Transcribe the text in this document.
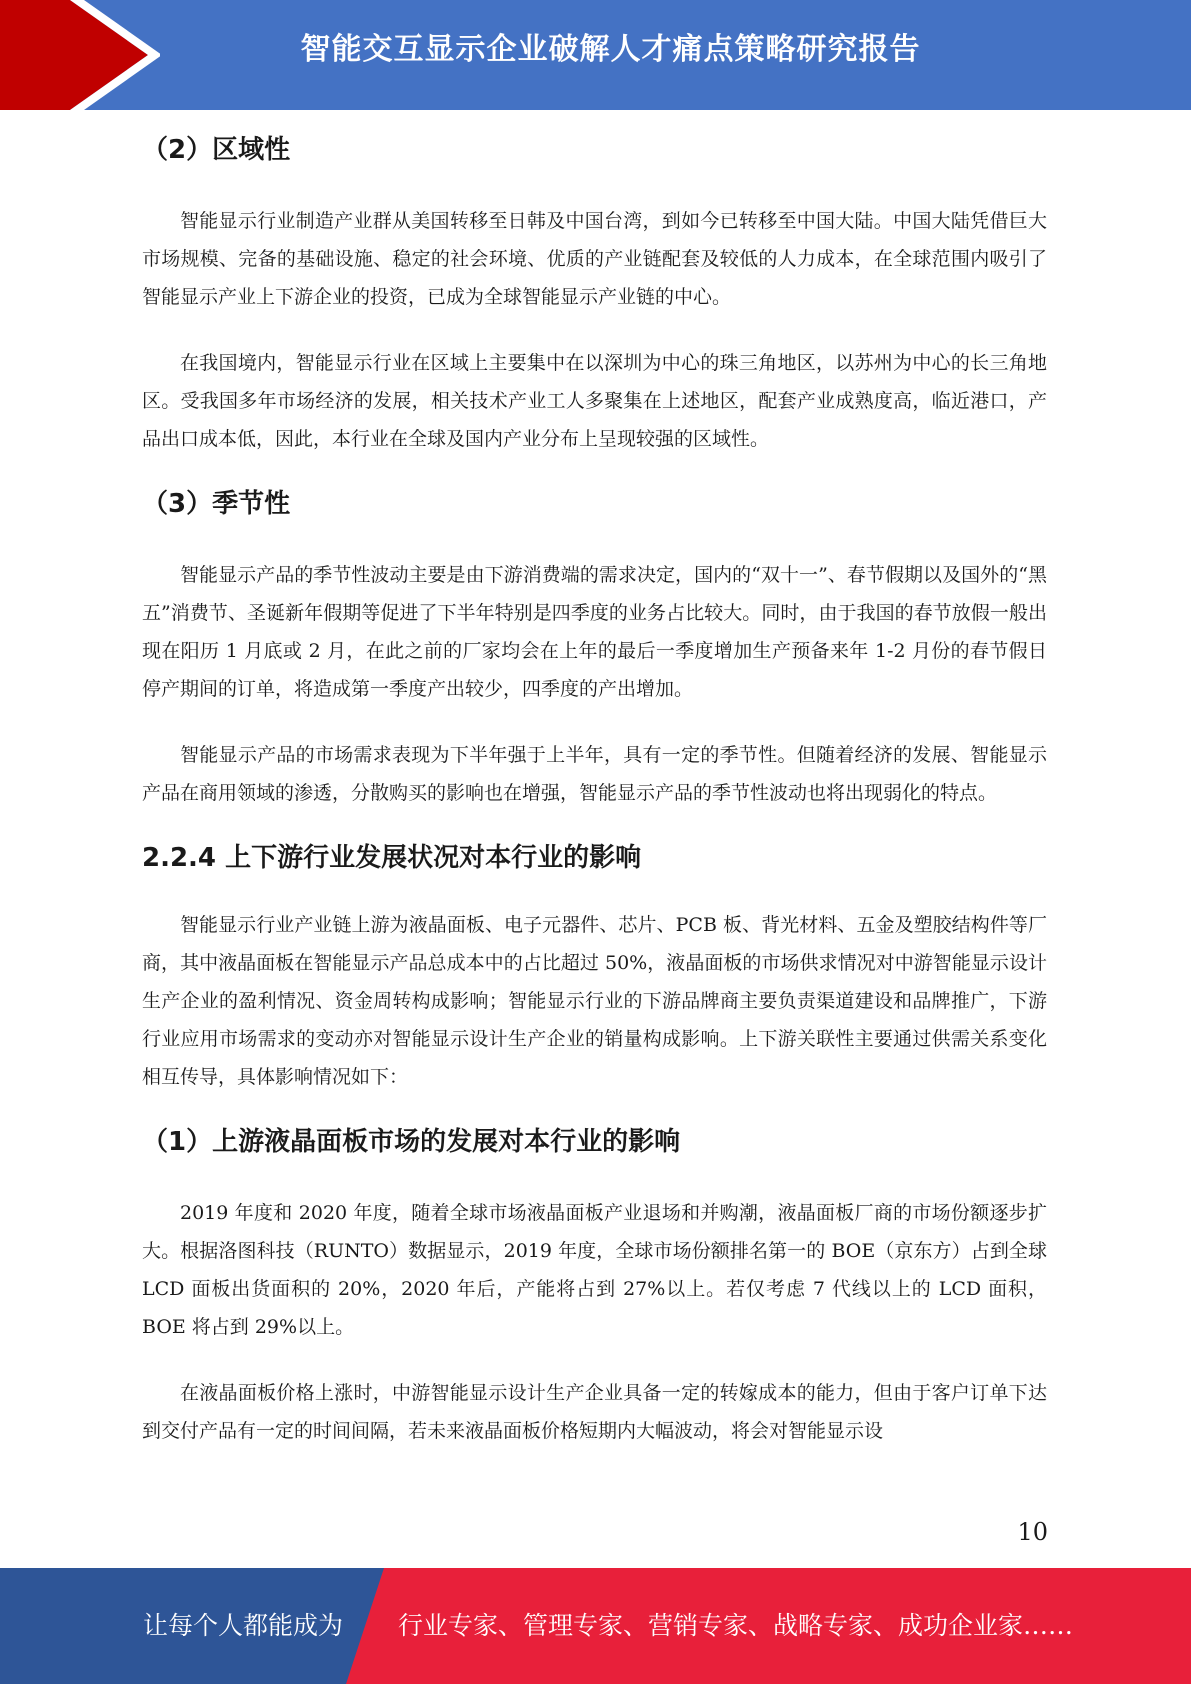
智能交互显示企业破解人才痛点策略研究报告
（2）区域性
智能显示行业制造产业群从美国转移至日韩及中国台湾，到如今已转移至中国大陆。中国大陆凭借巨大市场规模、完备的基础设施、稳定的社会环境、优质的产业链配套及较低的人力成本，在全球范围内吸引了智能显示产业上下游企业的投资，已成为全球智能显示产业链的中心。
在我国境内，智能显示行业在区域上主要集中在以深圳为中心的珠三角地区，以苏州为中心的长三角地区。受我国多年市场经济的发展，相关技术产业工人多聚集在上述地区，配套产业成熟度高，临近港口，产品出口成本低，因此，本行业在全球及国内产业分布上呈现较强的区域性。
（3）季节性
智能显示产品的季节性波动主要是由下游消费端的需求决定，国内的“双十一”、春节假期以及国外的“黑五”消费节、圣诞新年假期等促进了下半年特别是四季度的业务占比较大。同时，由于我国的春节放假一般出现在阳历 1 月底或 2 月，在此之前的厂家均会在上年的最后一季度增加生产预备来年 1-2 月份的春节假日停产期间的订单，将造成第一季度产出较少，四季度的产出增加。
智能显示产品的市场需求表现为下半年强于上半年，具有一定的季节性。但随着经济的发展、智能显示产品在商用领域的渗透，分散购买的影响也在增强，智能显示产品的季节性波动也将出现弱化的特点。
2.2.4 上下游行业发展状况对本行业的影响
智能显示行业产业链上游为液晶面板、电子元器件、芯片、PCB 板、背光材料、五金及塑胶结构件等厂商，其中液晶面板在智能显示产品总成本中的占比超过 50%，液晶面板的市场供求情况对中游智能显示设计生产企业的盈利情况、资金周转构成影响；智能显示行业的下游品牌商主要负责渠道建设和品牌推广，下游行业应用市场需求的变动亦对智能显示设计生产企业的销量构成影响。上下游关联性主要通过供需关系变化相互传导，具体影响情况如下：
（1）上游液晶面板市场的发展对本行业的影响
2019 年度和 2020 年度，随着全球市场液晶面板产业退场和并购潮，液晶面板厂商的市场份额逐步扩大。根据洛图科技（RUNTO）数据显示，2019 年度，全球市场份额排名第一的 BOE（京东方）占到全球 LCD 面板出货面积的 20%，2020 年后，产能将占到 27%以上。若仅考虑 7 代线以上的 LCD 面积，BOE 将占到 29%以上。
在液晶面板价格上涨时，中游智能显示设计生产企业具备一定的转嫁成本的能力，但由于客户订单下达到交付产品有一定的时间间隔，若未来液晶面板价格短期内大幅波动，将会对智能显示设
10
让每个人都能成为 行业专家、管理专家、营销专家、战略专家、成功企业家……
